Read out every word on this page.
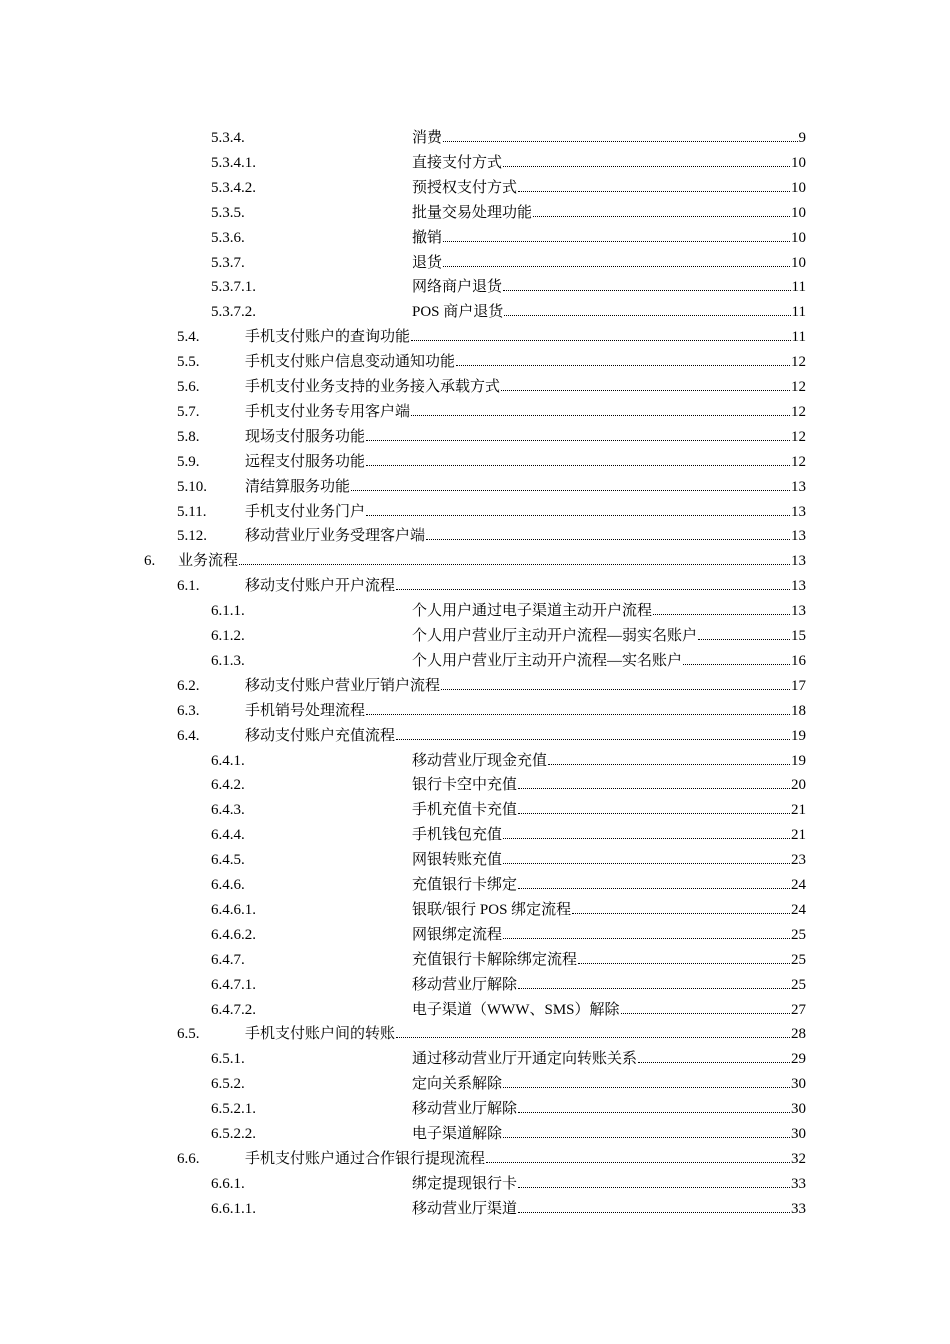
5.3.4.	消费	9
5.3.4.1.	直接支付方式	10
5.3.4.2.	预授权支付方式	10
5.3.5.	批量交易处理功能	10
5.3.6.	撤销	10
5.3.7.	退货	10
5.3.7.1.	网络商户退货	11
5.3.7.2.	POS 商户退货	11
5.4.	手机支付账户的查询功能	11
5.5.	手机支付账户信息变动通知功能	12
5.6.	手机支付业务支持的业务接入承载方式	12
5.7.	手机支付业务专用客户端	12
5.8.	现场支付服务功能	12
5.9.	远程支付服务功能	12
5.10.	清结算服务功能	13
5.11.	手机支付业务门户	13
5.12.	移动营业厅业务受理客户端	13
6. 业务流程	13
6.1.	移动支付账户开户流程	13
6.1.1.	个人用户通过电子渠道主动开户流程	13
6.1.2.	个人用户营业厅主动开户流程—弱实名账户	15
6.1.3.	个人用户营业厅主动开户流程—实名账户	16
6.2.	移动支付账户营业厅销户流程	17
6.3.	手机销号处理流程	18
6.4.	移动支付账户充值流程	19
6.4.1.	移动营业厅现金充值	19
6.4.2.	银行卡空中充值	20
6.4.3.	手机充值卡充值	21
6.4.4.	手机钱包充值	21
6.4.5.	网银转账充值	23
6.4.6.	充值银行卡绑定	24
6.4.6.1.	银联/银行 POS 绑定流程	24
6.4.6.2.	网银绑定流程	25
6.4.7.	充值银行卡解除绑定流程	25
6.4.7.1.	移动营业厅解除	25
6.4.7.2.	电子渠道（WWW、SMS）解除	27
6.5.	手机支付账户间的转账	28
6.5.1.	通过移动营业厅开通定向转账关系	29
6.5.2.	定向关系解除	30
6.5.2.1.	移动营业厅解除	30
6.5.2.2.	电子渠道解除	30
6.6.	手机支付账户通过合作银行提现流程	32
6.6.1.	绑定提现银行卡	33
6.6.1.1.	移动营业厅渠道	33
